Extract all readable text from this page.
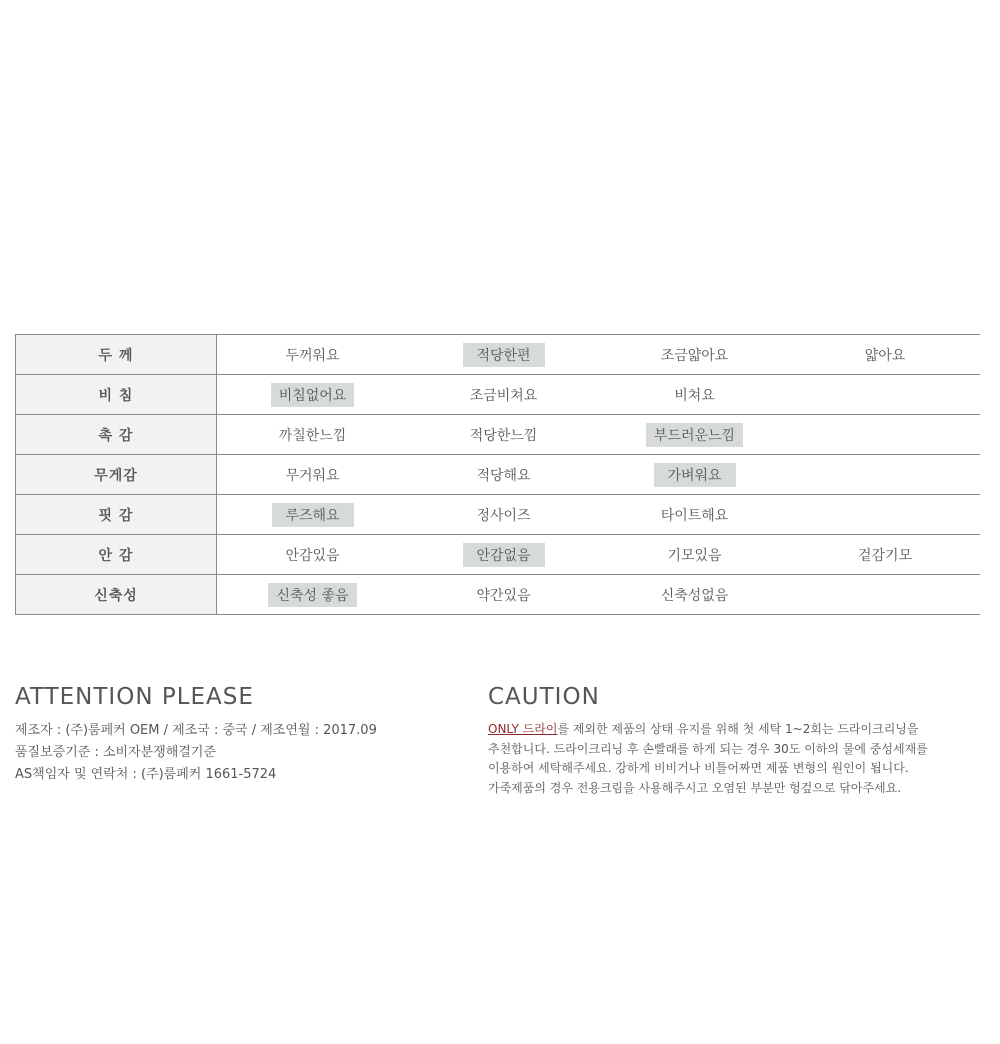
두 께	두꺼워요	적당한편	조금얇아요	얇아요
비 침	비침없어요	조금비쳐요	비쳐요	
촉 감	까칠한느낌	적당한느낌	부드러운느낌	
무게감	무거워요	적당해요	가벼워요	
핏 감	루즈해요	정사이즈	타이트해요	
안 감	안감있음	안감없음	기모있음	겉감기모
신축성	신축성 좋음	약간있음	신축성없음	
ATTENTION PLEASE
제조자 : (주)룸페커 OEM / 제조국 : 중국 / 제조연월 : 2017.09
품질보증기준 : 소비자분쟁해결기준
AS책임자 및 연락처 : (주)룸페커 1661-5724
CAUTION
ONLY 드라이를 제외한 제품의 상태 유지를 위해 첫 세탁 1~2회는 드라이크리닝을
추천합니다. 드라이크리닝 후 손빨래를 하게 되는 경우 30도 이하의 물에 중성세재를
이용하여 세탁해주세요. 강하게 비비거나 비틀어짜면 제품 변형의 원인이 됩니다.
가죽제품의 경우 전용크림을 사용해주시고 오염된 부분만 헝겊으로 닦아주세요.
